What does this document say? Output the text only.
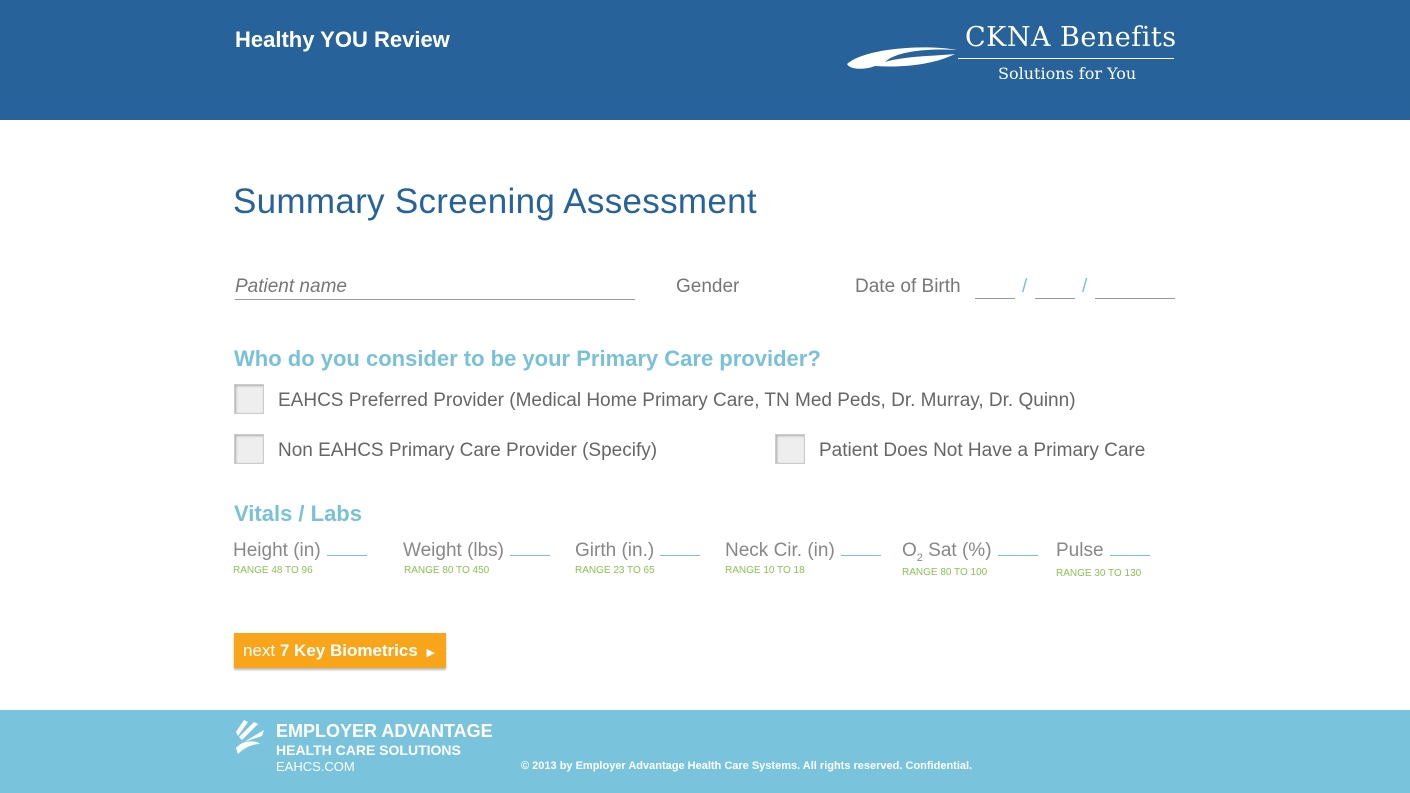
Healthy YOU Review	CKNA Benefits
Solutions for You
Summary Screening Assessment
Patient name	Gender	Date of Birth	/	/
Who do you consider to be your Primary Care provider?
EAHCS Preferred Provider (Medical Home Primary Care, TN Med Peds, Dr. Murray, Dr. Quinn)
Non EAHCS Primary Care Provider (Specify)	Patient Does Not Have a Primary Care
Vitals / Labs
Height (in)
RANGE 48 TO 96
Weight (lbs)
RANGE 80 TO 450
Girth (in.)
RANGE 23 TO 65
Neck Cir. (in)
RANGE 10 TO 18
$O_2$ Sat (%)
RANGE 80 TO 100
Pulse
RANGE 30 TO 130
next 7 Key Biometrics ▶
EMPLOYER ADVANTAGE
HEALTH CARE SOLUTIONS
EAHCS.COM	© 2013 by Employer Advantage Health Care Systems. All rights reserved. Confidential.
